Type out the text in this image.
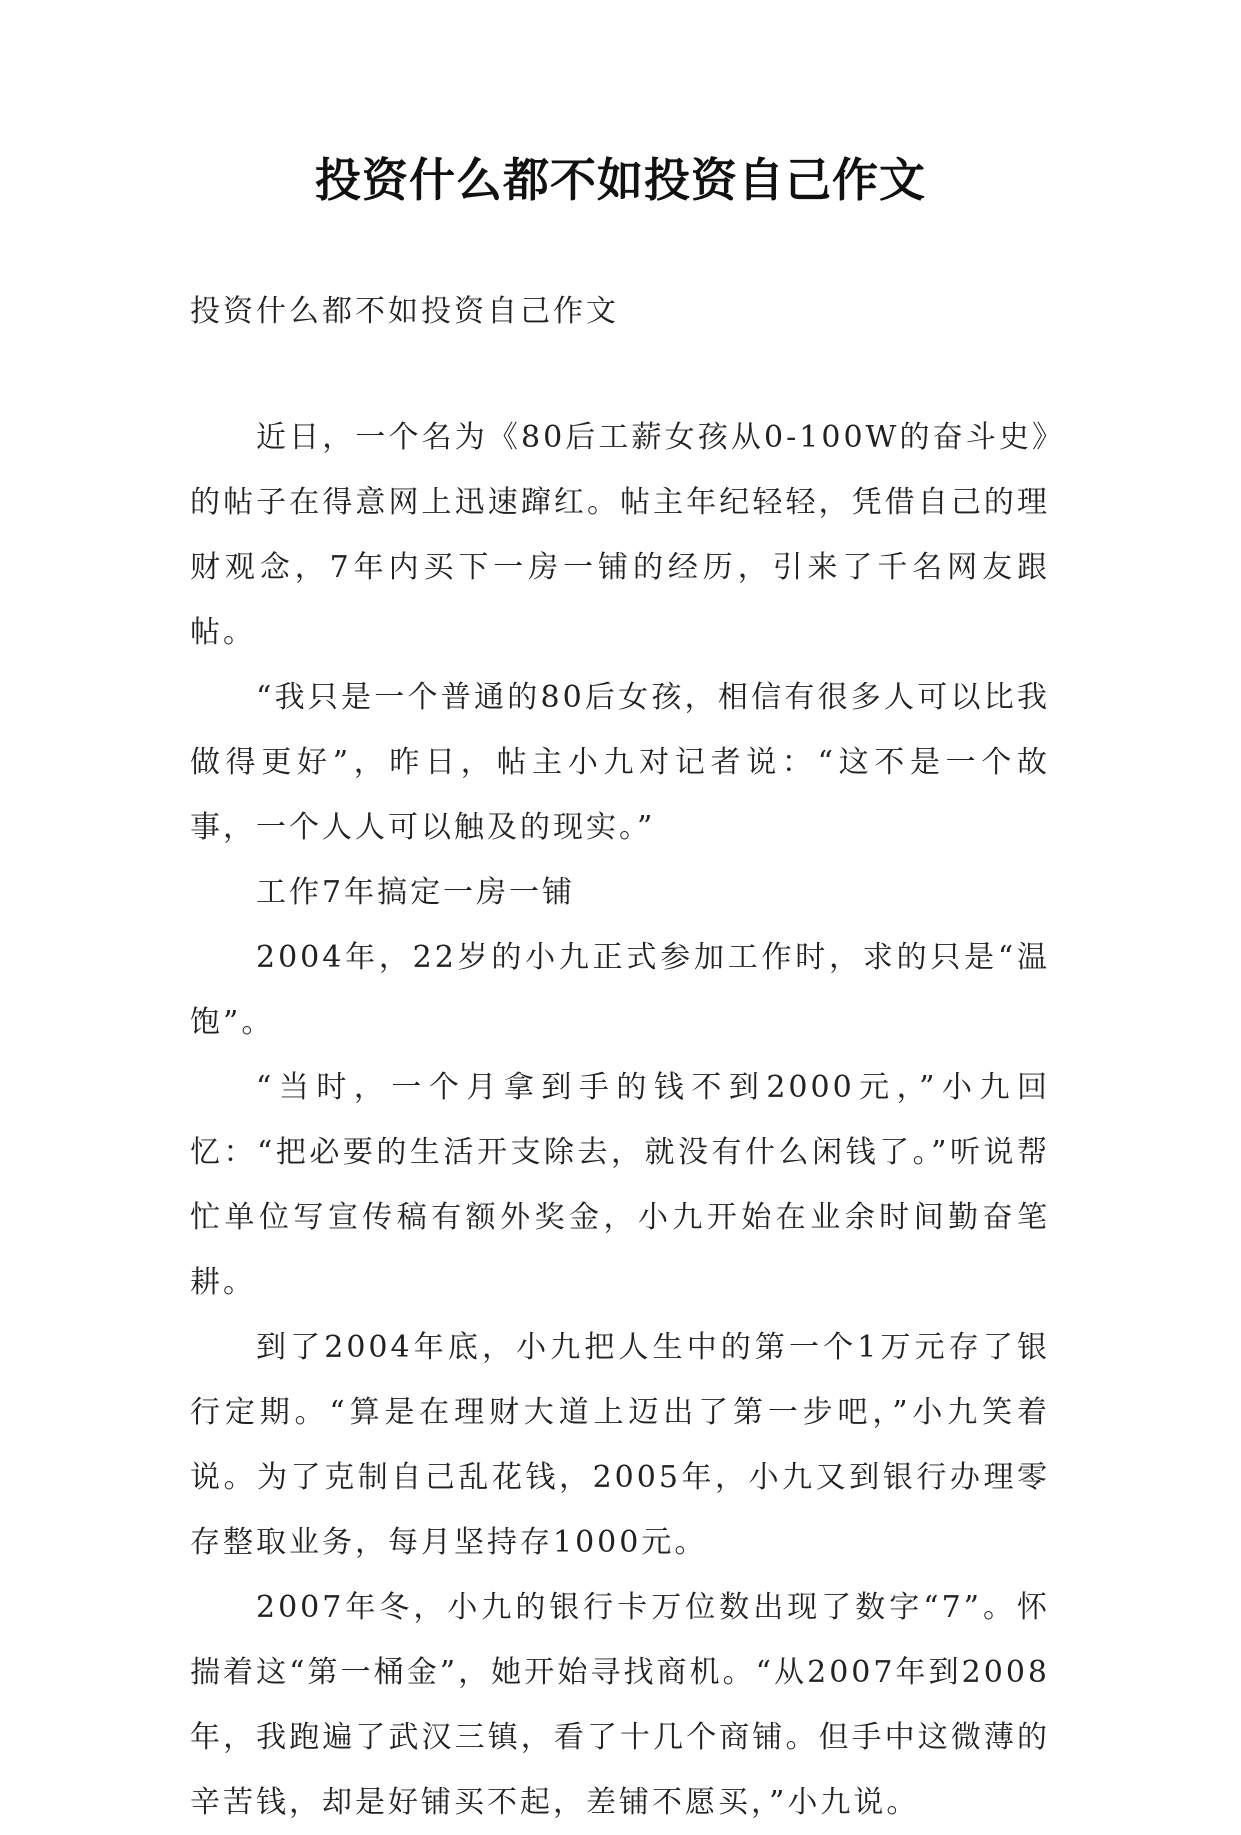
投资什么都不如投资自己作文
投资什么都不如投资自己作文

近日，一个名为《80后工薪女孩从0-100W的奋斗史》的帖子在得意网上迅速蹿红。帖主年纪轻轻，凭借自己的理财观念，7年内买下一房一铺的经历，引来了千名网友跟帖。

“我只是一个普通的80后女孩，相信有很多人可以比我做得更好”，昨日，帖主小九对记者说：“这不是一个故事，一个人人可以触及的现实。”

工作7年搞定一房一铺

2004年，22岁的小九正式参加工作时，求的只是“温饱”。

“当时，一个月拿到手的钱不到2000元，”小九回忆：“把必要的生活开支除去，就没有什么闲钱了。”听说帮忙单位写宣传稿有额外奖金，小九开始在业余时间勤奋笔耕。

到了2004年底，小九把人生中的第一个1万元存了银行定期。“算是在理财大道上迈出了第一步吧，”小九笑着说。为了克制自己乱花钱，2005年，小九又到银行办理零存整取业务，每月坚持存1000元。

2007年冬，小九的银行卡万位数出现了数字“7”。怀揣着这“第一桶金”，她开始寻找商机。“从2007年到2008年，我跑遍了武汉三镇，看了十几个商铺。但手中这微薄的辛苦钱，却是好铺买不起，差铺不愿买，”小九说。
